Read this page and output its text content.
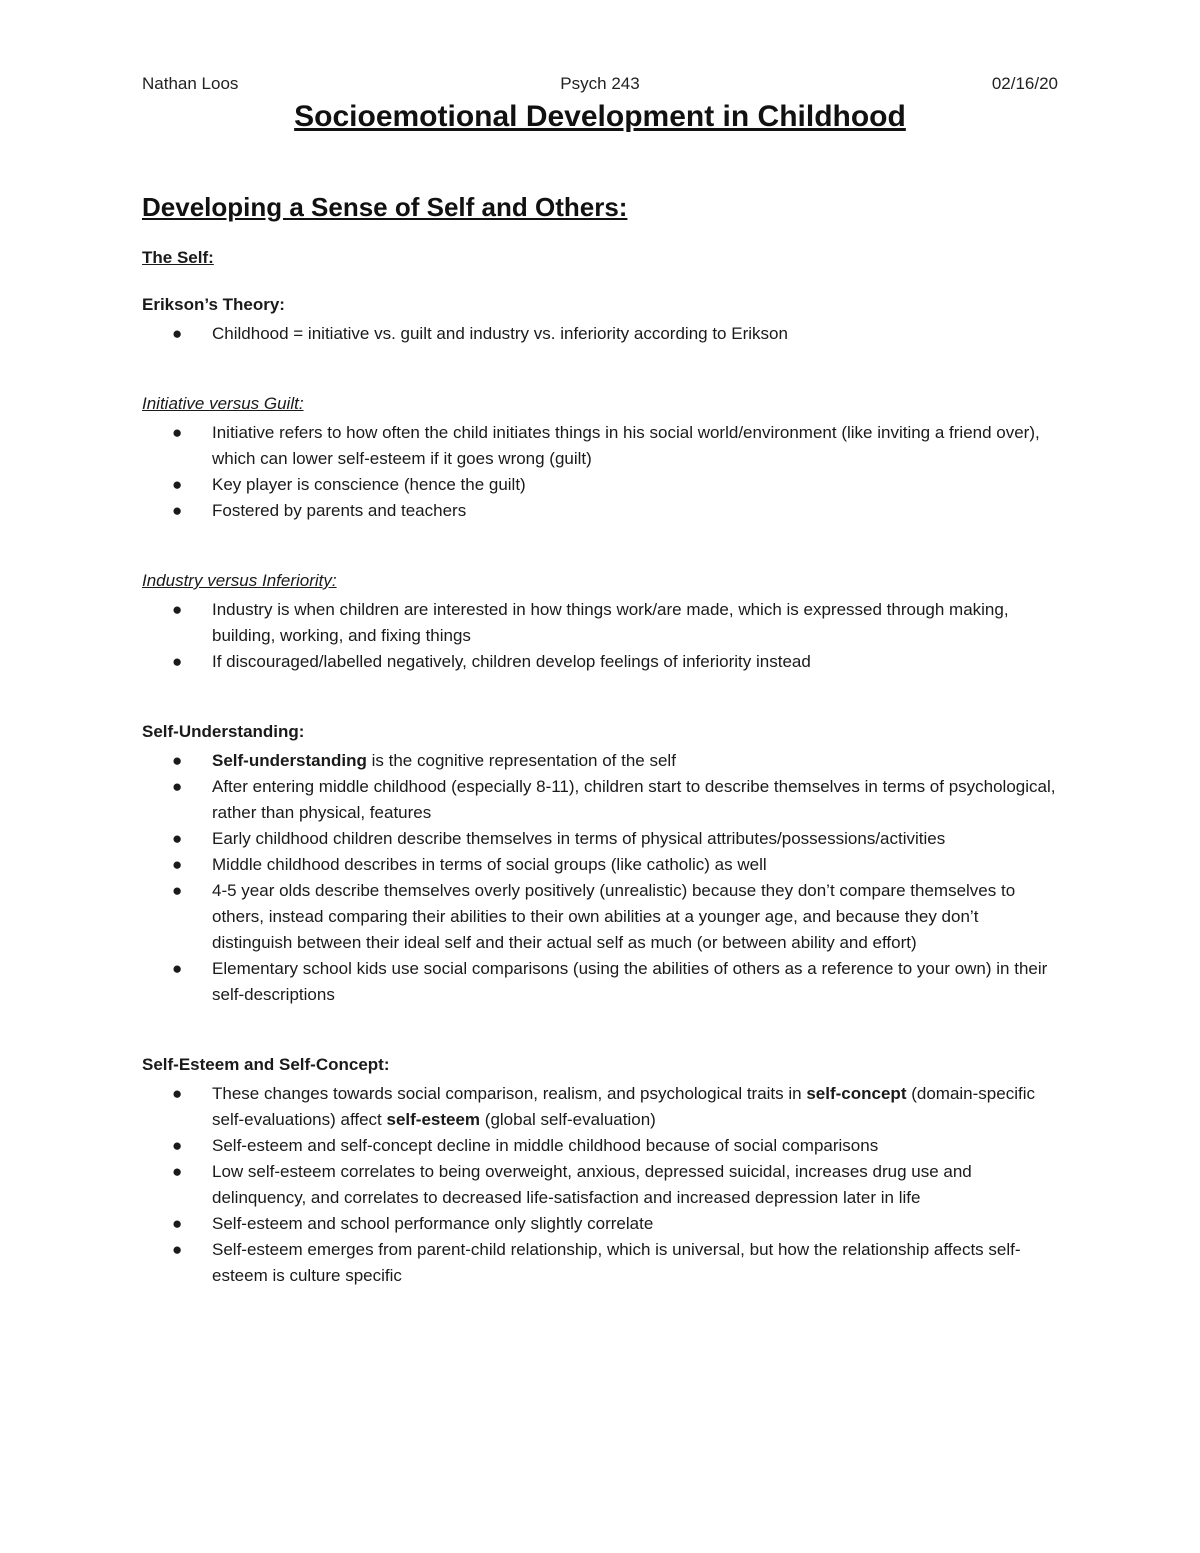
Nathan Loos	Psych 243	02/16/20
Socioemotional Development in Childhood
Developing a Sense of Self and Others:
The Self:
Erikson’s Theory:
● Childhood = initiative vs. guilt and industry vs. inferiority according to Erikson
Initiative versus Guilt:
● Initiative refers to how often the child initiates things in his social world/environment (like inviting a friend over), which can lower self-esteem if it goes wrong (guilt)
● Key player is conscience (hence the guilt)
● Fostered by parents and teachers
Industry versus Inferiority:
● Industry is when children are interested in how things work/are made, which is expressed through making, building, working, and fixing things
● If discouraged/labelled negatively, children develop feelings of inferiority instead
Self-Understanding:
● Self-understanding is the cognitive representation of the self
● After entering middle childhood (especially 8-11), children start to describe themselves in terms of psychological, rather than physical, features
● Early childhood children describe themselves in terms of physical attributes/possessions/activities
● Middle childhood describes in terms of social groups (like catholic) as well
● 4-5 year olds describe themselves overly positively (unrealistic) because they don’t compare themselves to others, instead comparing their abilities to their own abilities at a younger age, and because they don’t distinguish between their ideal self and their actual self as much (or between ability and effort)
● Elementary school kids use social comparisons (using the abilities of others as a reference to your own) in their self-descriptions
Self-Esteem and Self-Concept:
● These changes towards social comparison, realism, and psychological traits in self-concept (domain-specific self-evaluations) affect self-esteem (global self-evaluation)
● Self-esteem and self-concept decline in middle childhood because of social comparisons
● Low self-esteem correlates to being overweight, anxious, depressed suicidal, increases drug use and delinquency, and correlates to decreased life-satisfaction and increased depression later in life
● Self-esteem and school performance only slightly correlate
● Self-esteem emerges from parent-child relationship, which is universal, but how the relationship affects self-esteem is culture specific
